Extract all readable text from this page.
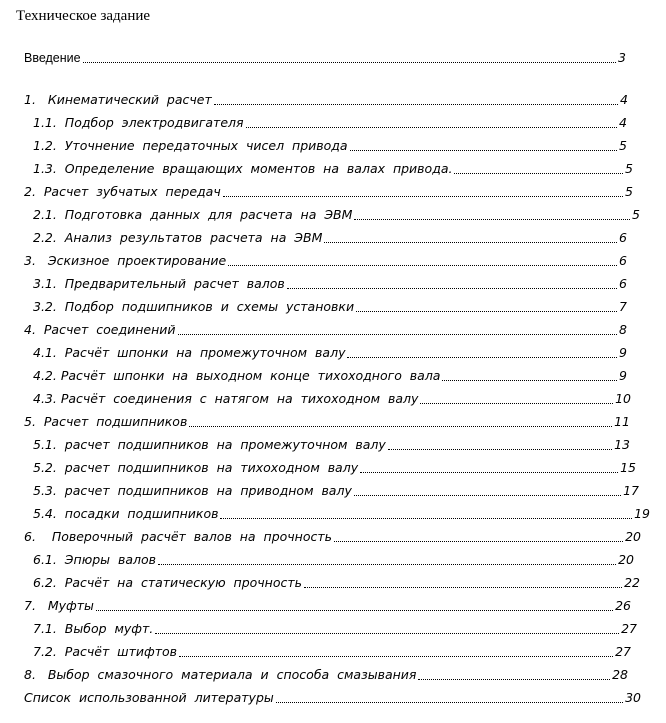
Техническое задание
Введение	3
1.   Кинематический  расчет	4
1.1.  Подбор  электродвигателя	4
1.2.  Уточнение  передаточных  чисел  привода	5
1.3.  Определение  вращающих  моментов  на  валах  привода.	5
2.  Расчет  зубчатых  передач	5
2.1.  Подготовка  данных  для  расчета  на  ЭВМ	5
2.2.  Анализ  результатов  расчета  на  ЭВМ	6
3.   Эскизное  проектирование	6
3.1.  Предварительный  расчет  валов	6
3.2.  Подбор  подшипников  и  схемы  установки	7
4.  Расчет  соединений	8
4.1.  Расчёт  шпонки  на  промежуточном  валу	9
4.2. Расчёт  шпонки  на  выходном  конце  тихоходного  вала	9
4.3. Расчёт  соединения  с  натягом  на  тихоходном  валу	10
5.  Расчет  подшипников	11
5.1.  расчет  подшипников  на  промежуточном  валу	13
5.2.  расчет  подшипников  на  тихоходном  валу	15
5.3.  расчет  подшипников  на  приводном  валу	17
5.4.  посадки  подшипников	19
6.    Поверочный  расчёт  валов  на  прочность	20
6.1.  Эпюры  валов	20
6.2.  Расчёт  на  статическую  прочность	22
7.   Муфты	26
7.1.  Выбор  муфт.	27
7.2.  Расчёт  штифтов	27
8.   Выбор  смазочного  материала  и  способа  смазывания	28
Список  использованной  литературы	30
